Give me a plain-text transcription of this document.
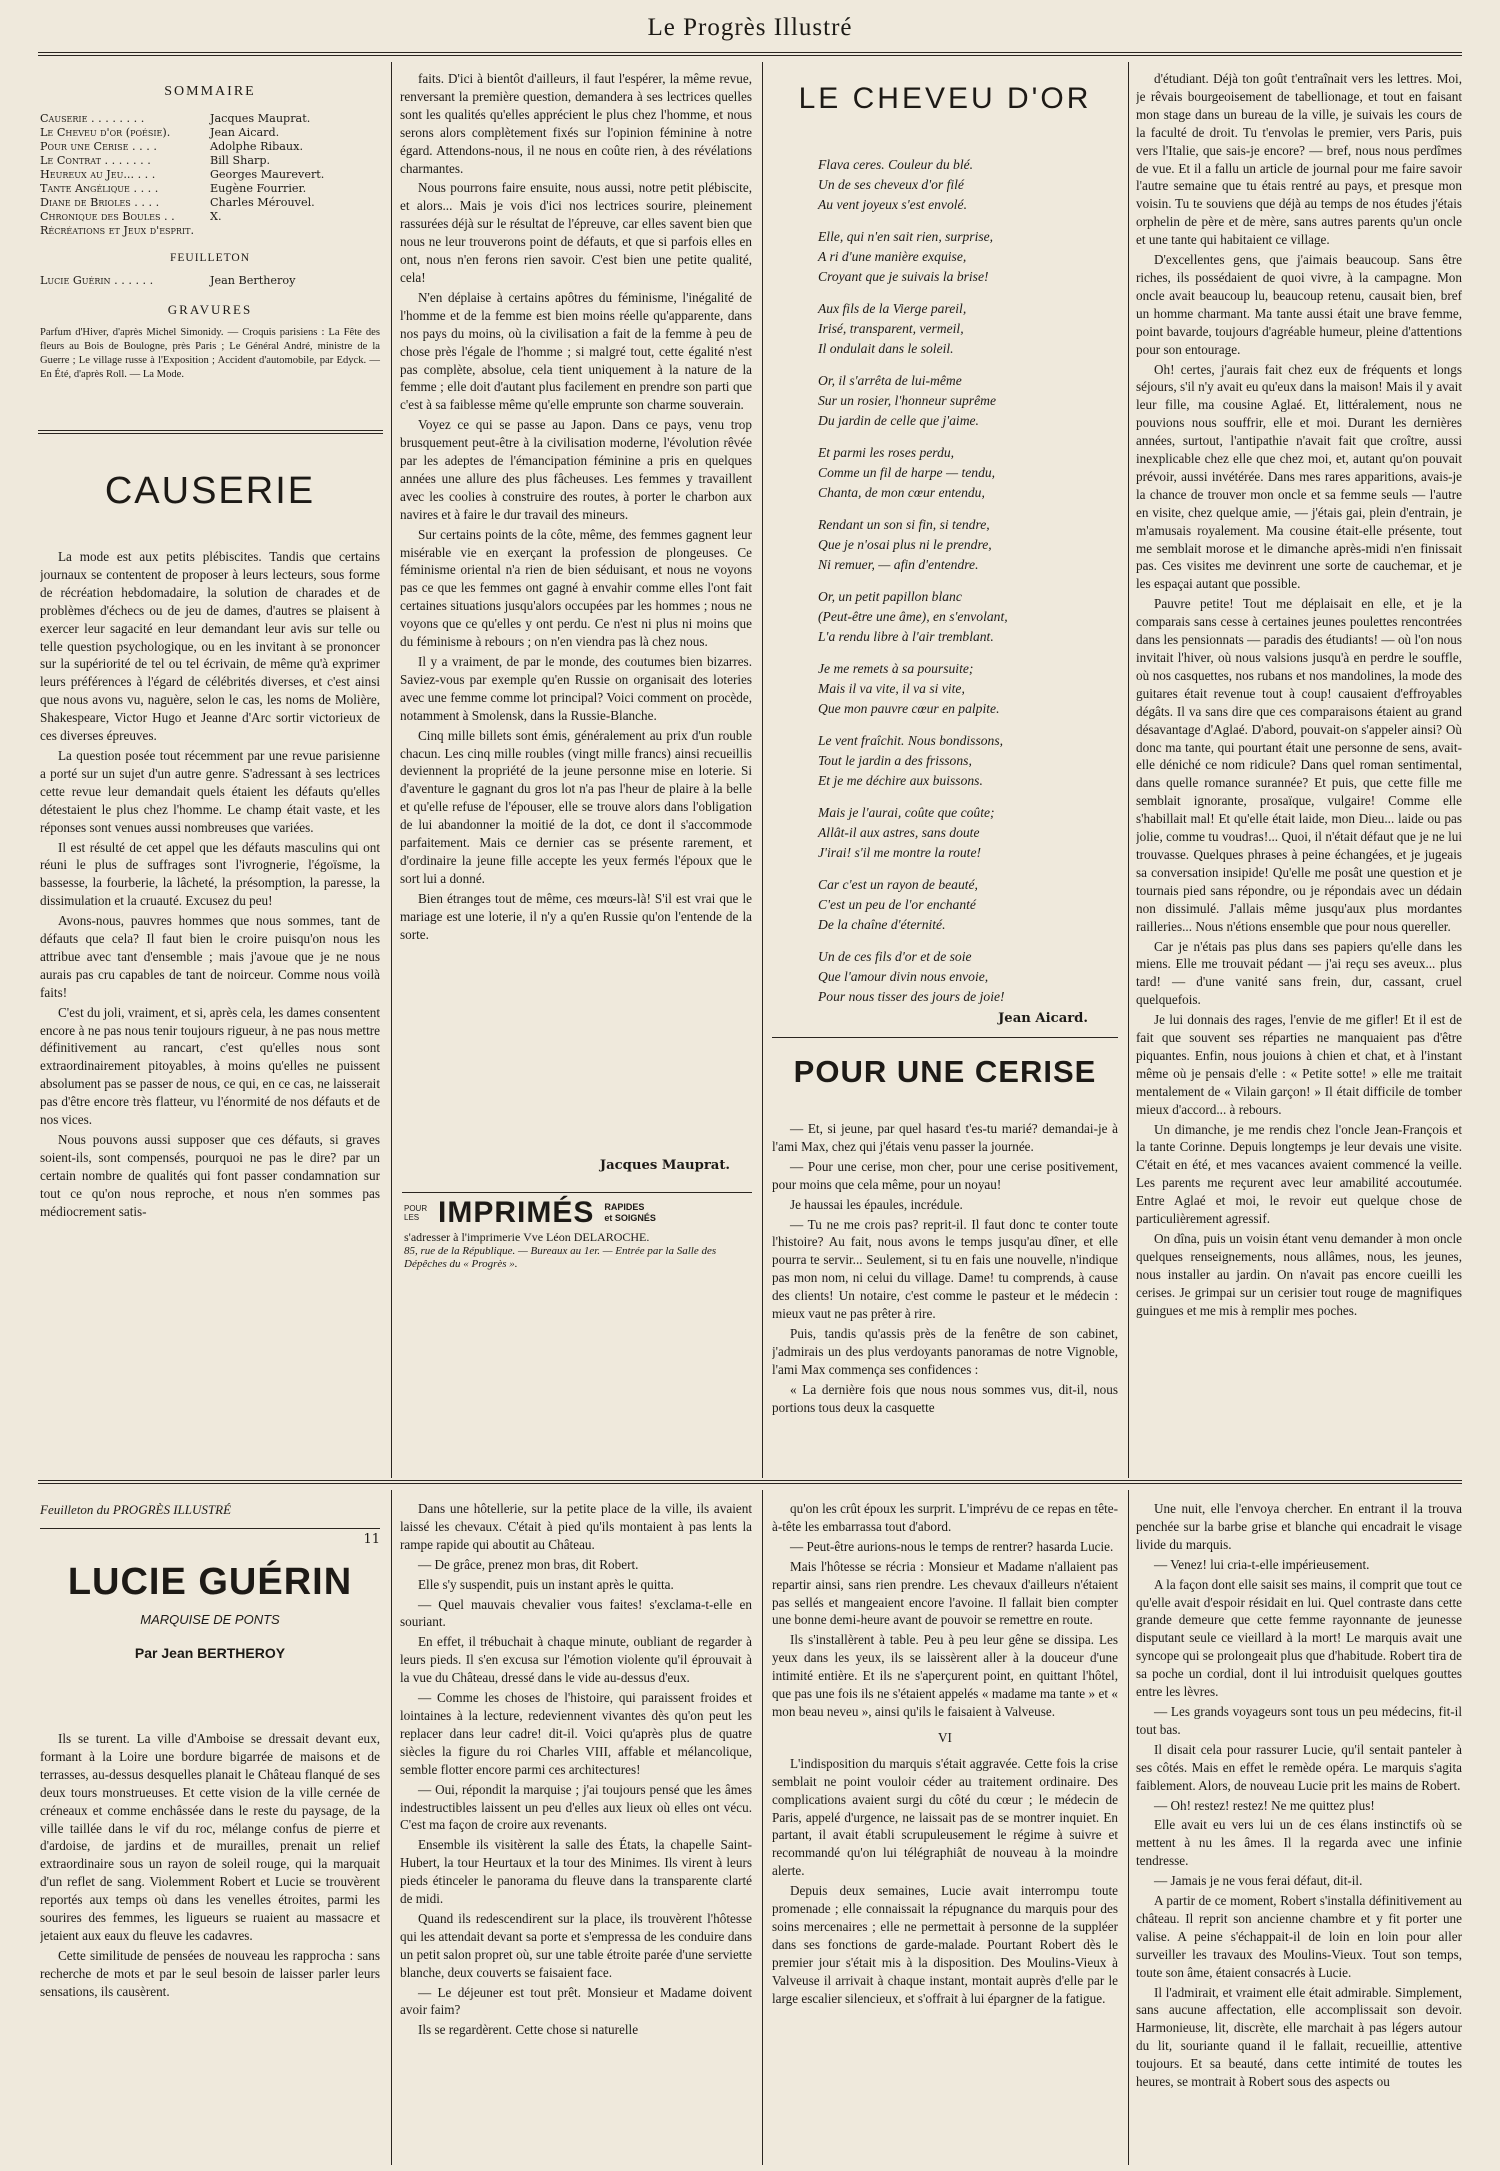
Le Progrès Illustré
SOMMAIRE
Causerie . . . . . . . .	Jacques Mauprat.
Le Cheveu d'or (poésie).	Jean Aicard.
Pour une Cerise . . . .	Adolphe Ribaux.
Le Contrat . . . . . . .	Bill Sharp.
Heureux au Jeu... . . .	Georges Maurevert.
Tante Angélique . . . .	Eugène Fourrier.
Diane de Brioles . . . .	Charles Mérouvel.
Chronique des Boules . .	X.
Récréations et Jeux d'esprit.
FEUILLETON
Lucie Guérin . . . . . .	Jean Bertheroy
GRAVURES
Parfum d'Hiver, d'après Michel Simonidy. — Croquis parisiens : La Fête des fleurs au Bois de Boulogne, près Paris ; Le Général André, ministre de la Guerre ; Le village russe à l'Exposition ; Accident d'automobile, par Edyck. — En Été, d'après Roll. — La Mode.
CAUSERIE

La mode est aux petits plébiscites. Tandis que certains journaux se contentent de proposer à leurs lecteurs, sous forme de récréation hebdomadaire, la solution de charades et de problèmes d'échecs ou de jeu de dames, d'autres se plaisent à exercer leur sagacité en leur demandant leur avis sur telle ou telle question psychologique, ou en les invitant à se prononcer sur la supériorité de tel ou tel écrivain, de même qu'à exprimer leurs préférences à l'égard de célébrités diverses, et c'est ainsi que nous avons vu, naguère, selon le cas, les noms de Molière, Shakespeare, Victor Hugo et Jeanne d'Arc sortir victorieux de ces diverses épreuves.

La question posée tout récemment par une revue parisienne a porté sur un sujet d'un autre genre. S'adressant à ses lectrices cette revue leur demandait quels étaient les défauts qu'elles détestaient le plus chez l'homme. Le champ était vaste, et les réponses sont venues aussi nombreuses que variées.

Il est résulté de cet appel que les défauts masculins qui ont réuni le plus de suffrages sont l'ivrognerie, l'égoïsme, la bassesse, la fourberie, la lâcheté, la présomption, la paresse, la dissimulation et la cruauté. Excusez du peu!

Avons-nous, pauvres hommes que nous sommes, tant de défauts que cela? Il faut bien le croire puisqu'on nous les attribue avec tant d'ensemble ; mais j'avoue que je ne nous aurais pas cru capables de tant de noirceur. Comme nous voilà faits!

C'est du joli, vraiment, et si, après cela, les dames consentent encore à ne pas nous tenir toujours rigueur, à ne pas nous mettre définitivement au rancart, c'est qu'elles nous sont extraordinairement pitoyables, à moins qu'elles ne puissent absolument pas se passer de nous, ce qui, en ce cas, ne laisserait pas d'être encore très flatteur, vu l'énormité de nos défauts et de nos vices.

Nous pouvons aussi supposer que ces défauts, si graves soient-ils, sont compensés, pourquoi ne pas le dire? par un certain nombre de qualités qui font passer condamnation sur tout ce qu'on nous reproche, et nous n'en sommes pas médiocrement satis-

faits. D'ici à bientôt d'ailleurs, il faut l'espérer, la même revue, renversant la première question, demandera à ses lectrices quelles sont les qualités qu'elles apprécient le plus chez l'homme, et nous serons alors complètement fixés sur l'opinion féminine à notre égard. Attendons-nous, il ne nous en coûte rien, à des révélations charmantes.

Nous pourrons faire ensuite, nous aussi, notre petit plébiscite, et alors... Mais je vois d'ici nos lectrices sourire, pleinement rassurées déjà sur le résultat de l'épreuve, car elles savent bien que nous ne leur trouverons point de défauts, et que si parfois elles en ont, nous n'en ferons rien savoir. C'est bien une petite qualité, cela!

N'en déplaise à certains apôtres du féminisme, l'inégalité de l'homme et de la femme est bien moins réelle qu'apparente, dans nos pays du moins, où la civilisation a fait de la femme à peu de chose près l'égale de l'homme ; si malgré tout, cette égalité n'est pas complète, absolue, cela tient uniquement à la nature de la femme ; elle doit d'autant plus facilement en prendre son parti que c'est à sa faiblesse même qu'elle emprunte son charme souverain.

Voyez ce qui se passe au Japon. Dans ce pays, venu trop brusquement peut-être à la civilisation moderne, l'évolution rêvée par les adeptes de l'émancipation féminine a pris en quelques années une allure des plus fâcheuses. Les femmes y travaillent avec les coolies à construire des routes, à porter le charbon aux navires et à faire le dur travail des mineurs.

Sur certains points de la côte, même, des femmes gagnent leur misérable vie en exerçant la profession de plongeuses. Ce féminisme oriental n'a rien de bien séduisant, et nous ne voyons pas ce que les femmes ont gagné à envahir comme elles l'ont fait certaines situations jusqu'alors occupées par les hommes ; nous ne voyons que ce qu'elles y ont perdu. Ce n'est ni plus ni moins que du féminisme à rebours ; on n'en viendra pas là chez nous.

Il y a vraiment, de par le monde, des coutumes bien bizarres. Saviez-vous par exemple qu'en Russie on organisait des loteries avec une femme comme lot principal? Voici comment on procède, notamment à Smolensk, dans la Russie-Blanche.

Cinq mille billets sont émis, généralement au prix d'un rouble chacun. Les cinq mille roubles (vingt mille francs) ainsi recueillis deviennent la propriété de la jeune personne mise en loterie. Si d'aventure le gagnant du gros lot n'a pas l'heur de plaire à la belle et qu'elle refuse de l'épouser, elle se trouve alors dans l'obligation de lui abandonner la moitié de la dot, ce dont il s'accommode parfaitement. Mais ce dernier cas se présente rarement, et d'ordinaire la jeune fille accepte les yeux fermés l'époux que le sort lui a donné.

Bien étranges tout de même, ces mœurs-là! S'il est vrai que le mariage est une loterie, il n'y a qu'en Russie qu'on l'entende de la sorte.

Jacques Mauprat.
POUR LES IMPRIMÉS RAPIDES
et SOIGNÉS
s'adresser à l'imprimerie Vve Léon DELAROCHE.
85, rue de la République. — Bureaux au 1er. — Entrée par la Salle des Dépêches du « Progrès ».
LE CHEVEU D'OR
Flava ceres. Couleur du blé.
Un de ses cheveux d'or filé
Au vent joyeux s'est envolé.
Elle, qui n'en sait rien, surprise,
A ri d'une manière exquise,
Croyant que je suivais la brise!
Aux fils de la Vierge pareil,
Irisé, transparent, vermeil,
Il ondulait dans le soleil.
Or, il s'arrêta de lui-même
Sur un rosier, l'honneur suprême
Du jardin de celle que j'aime.
Et parmi les roses perdu,
Comme un fil de harpe — tendu,
Chanta, de mon cœur entendu,
Rendant un son si fin, si tendre,
Que je n'osai plus ni le prendre,
Ni remuer, — afin d'entendre.
Or, un petit papillon blanc
(Peut-être une âme), en s'envolant,
L'a rendu libre à l'air tremblant.
Je me remets à sa poursuite;
Mais il va vite, il va si vite,
Que mon pauvre cœur en palpite.
Le vent fraîchit. Nous bondissons,
Tout le jardin a des frissons,
Et je me déchire aux buissons.
Mais je l'aurai, coûte que coûte;
Allât-il aux astres, sans doute
J'irai! s'il me montre la route!
Car c'est un rayon de beauté,
C'est un peu de l'or enchanté
De la chaîne d'éternité.
Un de ces fils d'or et de soie
Que l'amour divin nous envoie,
Pour nous tisser des jours de joie!
Jean Aicard.
POUR UNE CERISE

— Et, si jeune, par quel hasard t'es-tu marié? demandai-je à l'ami Max, chez qui j'étais venu passer la journée.

— Pour une cerise, mon cher, pour une cerise positivement, pour moins que cela même, pour un noyau!

Je haussai les épaules, incrédule.

— Tu ne me crois pas? reprit-il. Il faut donc te conter toute l'histoire? Au fait, nous avons le temps jusqu'au dîner, et elle pourra te servir... Seulement, si tu en fais une nouvelle, n'indique pas mon nom, ni celui du village. Dame! tu comprends, à cause des clients! Un notaire, c'est comme le pasteur et le médecin : mieux vaut ne pas prêter à rire.

Puis, tandis qu'assis près de la fenêtre de son cabinet, j'admirais un des plus verdoyants panoramas de notre Vignoble, l'ami Max commença ses confidences :

« La dernière fois que nous nous sommes vus, dit-il, nous portions tous deux la casquette

d'étudiant. Déjà ton goût t'entraînait vers les lettres. Moi, je rêvais bourgeoisement de tabellionage, et tout en faisant mon stage dans un bureau de la ville, je suivais les cours de la faculté de droit. Tu t'envolas le premier, vers Paris, puis vers l'Italie, que sais-je encore? — bref, nous nous perdîmes de vue. Et il a fallu un article de journal pour me faire savoir l'autre semaine que tu étais rentré au pays, et presque mon voisin. Tu te souviens que déjà au temps de nos études j'étais orphelin de père et de mère, sans autres parents qu'un oncle et une tante qui habitaient ce village.

D'excellentes gens, que j'aimais beaucoup. Sans être riches, ils possédaient de quoi vivre, à la campagne. Mon oncle avait beaucoup lu, beaucoup retenu, causait bien, bref un homme charmant. Ma tante aussi était une brave femme, point bavarde, toujours d'agréable humeur, pleine d'attentions pour son entourage.

Oh! certes, j'aurais fait chez eux de fréquents et longs séjours, s'il n'y avait eu qu'eux dans la maison! Mais il y avait leur fille, ma cousine Aglaé. Et, littéralement, nous ne pouvions nous souffrir, elle et moi. Durant les dernières années, surtout, l'antipathie n'avait fait que croître, aussi inexplicable chez elle que chez moi, et, autant qu'on pouvait prévoir, aussi invétérée. Dans mes rares apparitions, avais-je la chance de trouver mon oncle et sa femme seuls — l'autre en visite, chez quelque amie, — j'étais gai, plein d'entrain, je m'amusais royalement. Ma cousine était-elle présente, tout me semblait morose et le dimanche après-midi n'en finissait pas. Ces visites me devinrent une sorte de cauchemar, et je les espaçai autant que possible.

Pauvre petite! Tout me déplaisait en elle, et je la comparais sans cesse à certaines jeunes poulettes rencontrées dans les pensionnats — paradis des étudiants! — où l'on nous invitait l'hiver, où nous valsions jusqu'à en perdre le souffle, où nos casquettes, nos rubans et nos mandolines, la mode des guitares était revenue tout à coup! causaient d'effroyables dégâts. Il va sans dire que ces comparaisons étaient au grand désavantage d'Aglaé. D'abord, pouvait-on s'appeler ainsi? Où donc ma tante, qui pourtant était une personne de sens, avait-elle déniché ce nom ridicule? Dans quel roman sentimental, dans quelle romance surannée? Et puis, que cette fille me semblait ignorante, prosaïque, vulgaire! Comme elle s'habillait mal! Et qu'elle était laide, mon Dieu... laide ou pas jolie, comme tu voudras!... Quoi, il n'était défaut que je ne lui trouvasse. Quelques phrases à peine échangées, et je jugeais sa conversation insipide! Qu'elle me posât une question et je tournais pied sans répondre, ou je répondais avec un dédain non dissimulé. J'allais même jusqu'aux plus mordantes railleries... Nous n'étions ensemble que pour nous quereller.

Car je n'étais pas plus dans ses papiers qu'elle dans les miens. Elle me trouvait pédant — j'ai reçu ses aveux... plus tard! — d'une vanité sans frein, dur, cassant, cruel quelquefois.

Je lui donnais des rages, l'envie de me gifler! Et il est de fait que souvent ses réparties ne manquaient pas d'être piquantes. Enfin, nous jouions à chien et chat, et à l'instant même où je pensais d'elle : « Petite sotte! » elle me traitait mentalement de « Vilain garçon! » Il était difficile de tomber mieux d'accord... à rebours.

Un dimanche, je me rendis chez l'oncle Jean-François et la tante Corinne. Depuis longtemps je leur devais une visite. C'était en été, et mes vacances avaient commencé la veille. Les parents me reçurent avec leur amabilité accoutumée. Entre Aglaé et moi, le revoir eut quelque chose de particulièrement agressif.

On dîna, puis un voisin étant venu demander à mon oncle quelques renseignements, nous allâmes, nous, les jeunes, nous installer au jardin. On n'avait pas encore cueilli les cerises. Je grimpai sur un cerisier tout rouge de magnifiques guingues et me mis à remplir mes poches.

Feuilleton du PROGRÈS ILLUSTRÉ
11
LUCIE GUÉRIN
MARQUISE DE PONTS
Par Jean BERTHEROY

Ils se turent. La ville d'Amboise se dressait devant eux, formant à la Loire une bordure bigarrée de maisons et de terrasses, au-dessus desquelles planait le Château flanqué de ses deux tours monstrueuses. Et cette vision de la ville cernée de créneaux et comme enchâssée dans le reste du paysage, de la ville taillée dans le vif du roc, mélange confus de pierre et d'ardoise, de jardins et de murailles, prenait un relief extraordinaire sous un rayon de soleil rouge, qui la marquait d'un reflet de sang. Violemment Robert et Lucie se trouvèrent reportés aux temps où dans les venelles étroites, parmi les sourires des femmes, les ligueurs se ruaient au massacre et jetaient aux eaux du fleuve les cadavres.

Cette similitude de pensées de nouveau les rapprocha : sans recherche de mots et par le seul besoin de laisser parler leurs sensations, ils causèrent.

Dans une hôtellerie, sur la petite place de la ville, ils avaient laissé les chevaux. C'était à pied qu'ils montaient à pas lents la rampe rapide qui aboutit au Château.

— De grâce, prenez mon bras, dit Robert.

Elle s'y suspendit, puis un instant après le quitta.

— Quel mauvais chevalier vous faites! s'exclama-t-elle en souriant.

En effet, il trébuchait à chaque minute, oubliant de regarder à leurs pieds. Il s'en excusa sur l'émotion violente qu'il éprouvait à la vue du Château, dressé dans le vide au-dessus d'eux.

— Comme les choses de l'histoire, qui paraissent froides et lointaines à la lecture, redeviennent vivantes dès qu'on peut les replacer dans leur cadre! dit-il. Voici qu'après plus de quatre siècles la figure du roi Charles VIII, affable et mélancolique, semble flotter encore parmi ces architectures!

— Oui, répondit la marquise ; j'ai toujours pensé que les âmes indestructibles laissent un peu d'elles aux lieux où elles ont vécu. C'est ma façon de croire aux revenants.

Ensemble ils visitèrent la salle des États, la chapelle Saint-Hubert, la tour Heurtaux et la tour des Minimes. Ils virent à leurs pieds étinceler le panorama du fleuve dans la transparente clarté de midi.

Quand ils redescendirent sur la place, ils trouvèrent l'hôtesse qui les attendait devant sa porte et s'empressa de les conduire dans un petit salon propret où, sur une table étroite parée d'une serviette blanche, deux couverts se faisaient face.

— Le déjeuner est tout prêt. Monsieur et Madame doivent avoir faim?

Ils se regardèrent. Cette chose si naturelle

qu'on les crût époux les surprit. L'imprévu de ce repas en tête-à-tête les embarrassa tout d'abord.

— Peut-être aurions-nous le temps de rentrer? hasarda Lucie.

Mais l'hôtesse se récria : Monsieur et Madame n'allaient pas repartir ainsi, sans rien prendre. Les chevaux d'ailleurs n'étaient pas sellés et mangeaient encore l'avoine. Il fallait bien compter une bonne demi-heure avant de pouvoir se remettre en route.

Ils s'installèrent à table. Peu à peu leur gêne se dissipa. Les yeux dans les yeux, ils se laissèrent aller à la douceur d'une intimité entière. Et ils ne s'aperçurent point, en quittant l'hôtel, que pas une fois ils ne s'étaient appelés « madame ma tante » et « mon beau neveu », ainsi qu'ils le faisaient à Valveuse.

VI

L'indisposition du marquis s'était aggravée. Cette fois la crise semblait ne point vouloir céder au traitement ordinaire. Des complications avaient surgi du côté du cœur ; le médecin de Paris, appelé d'urgence, ne laissait pas de se montrer inquiet. En partant, il avait établi scrupuleusement le régime à suivre et recommandé qu'on lui télégraphiât de nouveau à la moindre alerte.

Depuis deux semaines, Lucie avait interrompu toute promenade ; elle connaissait la répugnance du marquis pour des soins mercenaires ; elle ne permettait à personne de la suppléer dans ses fonctions de garde-malade. Pourtant Robert dès le premier jour s'était mis à la disposition. Des Moulins-Vieux à Valveuse il arrivait à chaque instant, montait auprès d'elle par le large escalier silencieux, et s'offrait à lui épargner de la fatigue.

Une nuit, elle l'envoya chercher. En entrant il la trouva penchée sur la barbe grise et blanche qui encadrait le visage livide du marquis.

— Venez! lui cria-t-elle impérieusement.

A la façon dont elle saisit ses mains, il comprit que tout ce qu'elle avait d'espoir résidait en lui. Quel contraste dans cette grande demeure que cette femme rayonnante de jeunesse disputant seule ce vieillard à la mort! Le marquis avait une syncope qui se prolongeait plus que d'habitude. Robert tira de sa poche un cordial, dont il lui introduisit quelques gouttes entre les lèvres.

— Les grands voyageurs sont tous un peu médecins, fit-il tout bas.

Il disait cela pour rassurer Lucie, qu'il sentait panteler à ses côtés. Mais en effet le remède opéra. Le marquis s'agita faiblement. Alors, de nouveau Lucie prit les mains de Robert.

— Oh! restez! restez! Ne me quittez plus!

Elle avait eu vers lui un de ces élans instinctifs où se mettent à nu les âmes. Il la regarda avec une infinie tendresse.

— Jamais je ne vous ferai défaut, dit-il.

A partir de ce moment, Robert s'installa définitivement au château. Il reprit son ancienne chambre et y fit porter une valise. A peine s'échappait-il de loin en loin pour aller surveiller les travaux des Moulins-Vieux. Tout son temps, toute son âme, étaient consacrés à Lucie.

Il l'admirait, et vraiment elle était admirable. Simplement, sans aucune affectation, elle accomplissait son devoir. Harmonieuse, lit, discrète, elle marchait à pas légers autour du lit, souriante quand il le fallait, recueillie, attentive toujours. Et sa beauté, dans cette intimité de toutes les heures, se montrait à Robert sous des aspects ou
